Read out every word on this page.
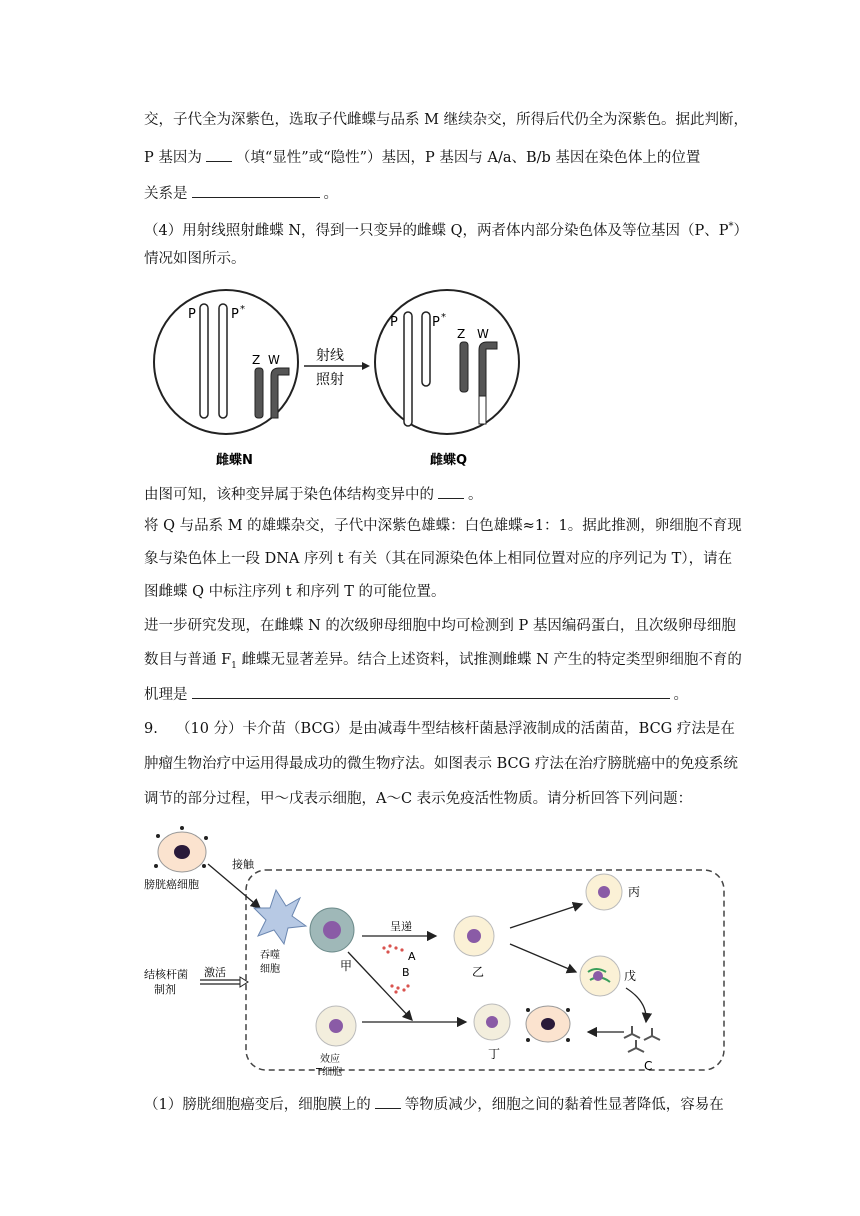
交，子代全为深紫色，选取子代雌蝶与品系 M 继续杂交，所得后代仍全为深紫色。据此判断，
P 基因为 （填“显性”或“隐性”）基因，P 基因与 A/a、B/b 基因在染色体上的位置
关系是	。
（4）用射线照射雌蝶 N，得到一只变异的雌蝶 Q，两者体内部分染色体及等位基因（P、P*）
情况如图所示。
P	P *
Z W
雌蝶N
射线
照射
P	P *
Z W
雌蝶Q
由图可知，该种变异属于染色体结构变异中的 。
将 Q 与品系 M 的雄蝶杂交，子代中深紫色雄蝶：白色雄蝶≈1：1。据此推测，卵细胞不育现
象与染色体上一段 DNA 序列 t 有关（其在同源染色体上相同位置对应的序列记为 T），请在
图雌蝶 Q 中标注序列 t 和序列 T 的可能位置。
进一步研究发现，在雌蝶 N 的次级卵母细胞中均可检测到 P 基因编码蛋白，且次级卵母细胞
数目与普通 $F_1$ 雌蝶无显著差异。结合上述资料，试推测雌蝶 N 产生的特定类型卵细胞不育的
机理是	。
9. （10 分）卡介苗（BCG）是由减毒牛型结核杆菌悬浮液制成的活菌苗，BCG 疗法是在
肿瘤生物治疗中运用得最成功的微生物疗法。如图表示 BCG 疗法在治疗膀胱癌中的免疫系统
调节的部分过程，甲～戊表示细胞，A～C 表示免疫活性物质。请分析回答下列问题：
膀胱癌细胞
接触
吞噬
细胞	甲
呈递
A
B	乙
丙
戊
C
效应
T细胞
丁
结核杆菌
制剂
激活
（1）膀胱细胞癌变后，细胞膜上的 等物质减少，细胞之间的黏着性显著降低，容易在
